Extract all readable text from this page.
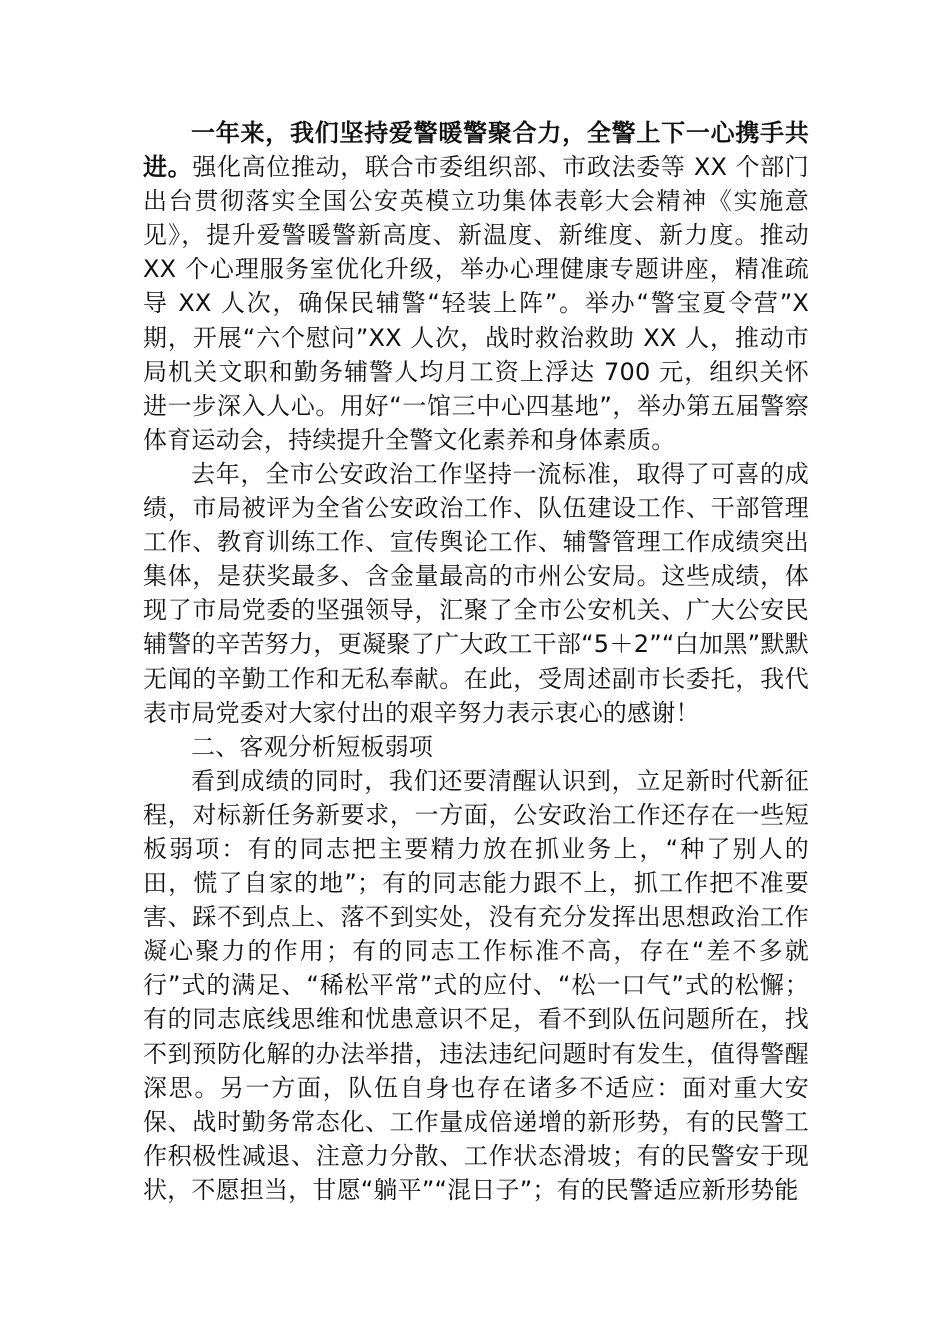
一年来，我们坚持爱警暖警聚合力，全警上下一心携手共进。强化高位推动，联合市委组织部、市政法委等 XX 个部门出台贯彻落实全国公安英模立功集体表彰大会精神《实施意见》，提升爱警暖警新高度、新温度、新维度、新力度。推动 XX 个心理服务室优化升级，举办心理健康专题讲座，精准疏导 XX 人次，确保民辅警“轻装上阵”。举办“警宝夏令营”X 期，开展“六个慰问”XX 人次，战时救治救助 XX 人，推动市局机关文职和勤务辅警人均月工资上浮达 700 元，组织关怀进一步深入人心。用好“一馆三中心四基地”，举办第五届警察体育运动会，持续提升全警文化素养和身体素质。

去年，全市公安政治工作坚持一流标准，取得了可喜的成绩，市局被评为全省公安政治工作、队伍建设工作、干部管理工作、教育训练工作、宣传舆论工作、辅警管理工作成绩突出集体，是获奖最多、含金量最高的市州公安局。这些成绩，体现了市局党委的坚强领导，汇聚了全市公安机关、广大公安民辅警的辛苦努力，更凝聚了广大政工干部“5＋2”“白加黑”默默无闻的辛勤工作和无私奉献。在此，受周述副市长委托，我代表市局党委对大家付出的艰辛努力表示衷心的感谢！

二、客观分析短板弱项

看到成绩的同时，我们还要清醒认识到，立足新时代新征程，对标新任务新要求，一方面，公安政治工作还存在一些短板弱项：有的同志把主要精力放在抓业务上，“种了别人的田，慌了自家的地”；有的同志能力跟不上，抓工作把不准要害、踩不到点上、落不到实处，没有充分发挥出思想政治工作凝心聚力的作用；有的同志工作标准不高，存在“差不多就行”式的满足、“稀松平常”式的应付、“松一口气”式的松懈；有的同志底线思维和忧患意识不足，看不到队伍问题所在，找不到预防化解的办法举措，违法违纪问题时有发生，值得警醒深思。另一方面，队伍自身也存在诸多不适应：面对重大安保、战时勤务常态化、工作量成倍递增的新形势，有的民警工作积极性减退、注意力分散、工作状态滑坡；有的民警安于现状，不愿担当，甘愿“躺平”“混日子”；有的民警适应新形势能
